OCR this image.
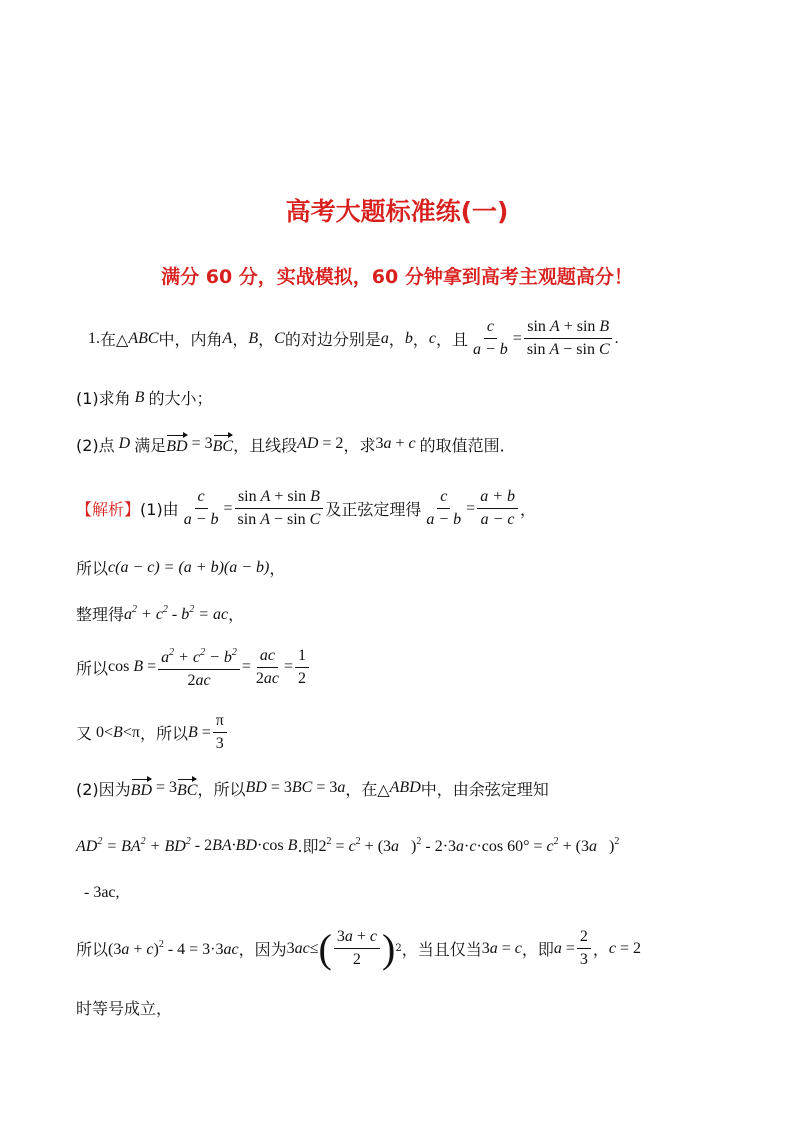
高考大题标准练(一)
满分 60 分，实战模拟，60 分钟拿到高考主观题高分！
1. 在△ ABC 中，内角 A ， B ， C 的对边分别是 a ， b ， c ，且 $\frac{c}{a - b} = \frac{\text{sin A + sin B}}{\text{sin A − sin C}}$ .
(1)求角 B 的大小；
(2)点 D 满足 BD = 3 BC ，且线段 AD = 2 ，求 3a + c 的取值范围．
【解析】 (1)由 $\frac{c}{a - b} = \frac{\text{sin A + sin B}}{\text{sin A − sin C}}$ 及正弦定理得 $\frac{c}{a - b} = \frac{a + b}{a - c}$ ，
所以 c(a − c) = (a + b)(a − b) ，
整理得 $a^2 + c^2 - b^2$ = ac ，
所以 $\cos B = \frac{a^2 + c^2 - b^2}{2ac} = \frac{ac}{2ac} = \frac{1}{2}$
又 0<B<π ，所以 $B = \frac{\pi}{3}$
(2)因为 BD = 3 BC ，所以 BD = 3BC = 3a ，在△ ABD 中，由余弦定理知
$AD^2 = BA^2 + BD^2 - 2BA\cdot BD\cdot\cos$ B .即 $2^2 = c^2 + (3a$   )$^2$ - 2·3a·c·cos $60^\circ = c^2 + (3a$   )$^2$
- 3ac,
所以 $(3a + c)^2 - 4 = 3\cdot 3ac$ ，因为 3ac≤ ( $\frac{3a + c}{2}$ ) 2 ，当且仅当 3a = c ，即 $a = \frac{2}{3}$ ， c = 2
时等号成立，
